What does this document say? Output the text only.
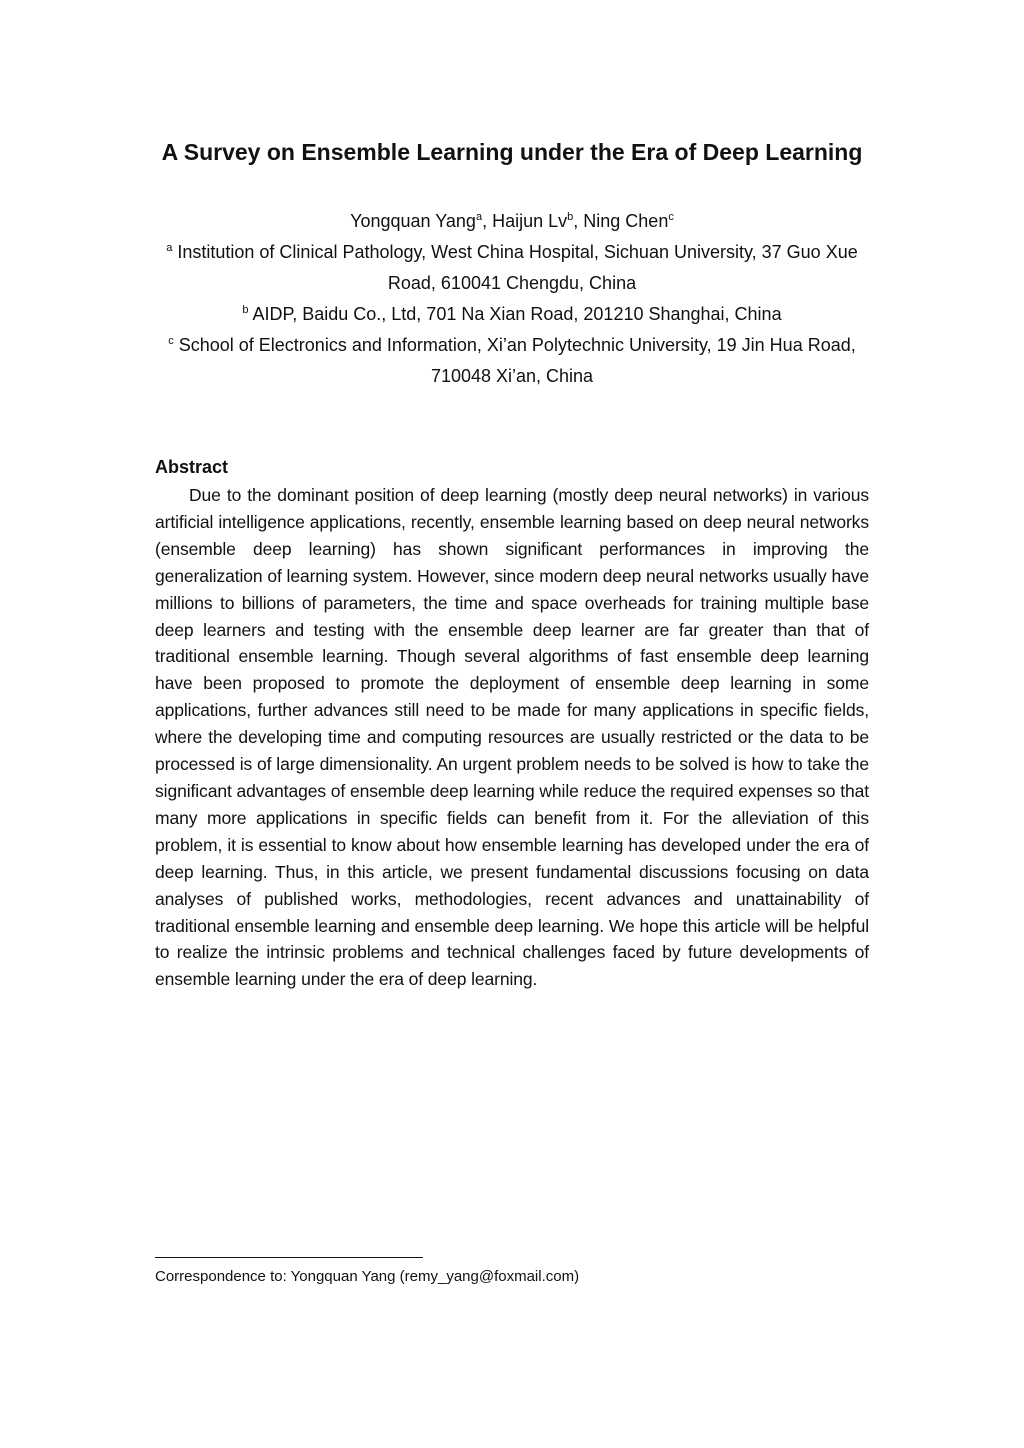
A Survey on Ensemble Learning under the Era of Deep Learning

Yongquan Yang$^a$, Haijun Lv$^b$, Ning Chen$^c$

$^a$ Institution of Clinical Pathology, West China Hospital, Sichuan University, 37 Guo Xue Road, 610041 Chengdu, China
$^b$ AIDP, Baidu Co., Ltd, 701 Na Xian Road, 201210 Shanghai, China
$^c$ School of Electronics and Information, Xi’an Polytechnic University, 19 Jin Hua Road, 710048 Xi’an, China
Abstract

Due to the dominant position of deep learning (mostly deep neural networks) in various artificial intelligence applications, recently, ensemble learning based on deep neural networks (ensemble deep learning) has shown significant performances in improving the generalization of learning system. However, since modern deep neural networks usually have millions to billions of parameters, the time and space overheads for training multiple base deep learners and testing with the ensemble deep learner are far greater than that of traditional ensemble learning. Though several algorithms of fast ensemble deep learning have been proposed to promote the deployment of ensemble deep learning in some applications, further advances still need to be made for many applications in specific fields, where the developing time and computing resources are usually restricted or the data to be processed is of large dimensionality. An urgent problem needs to be solved is how to take the significant advantages of ensemble deep learning while reduce the required expenses so that many more applications in specific fields can benefit from it. For the alleviation of this problem, it is essential to know about how ensemble learning has developed under the era of deep learning. Thus, in this article, we present fundamental discussions focusing on data analyses of published works, methodologies, recent advances and unattainability of traditional ensemble learning and ensemble deep learning. We hope this article will be helpful to realize the intrinsic problems and technical challenges faced by future developments of ensemble learning under the era of deep learning.

Correspondence to: Yongquan Yang (remy_yang@foxmail.com)
